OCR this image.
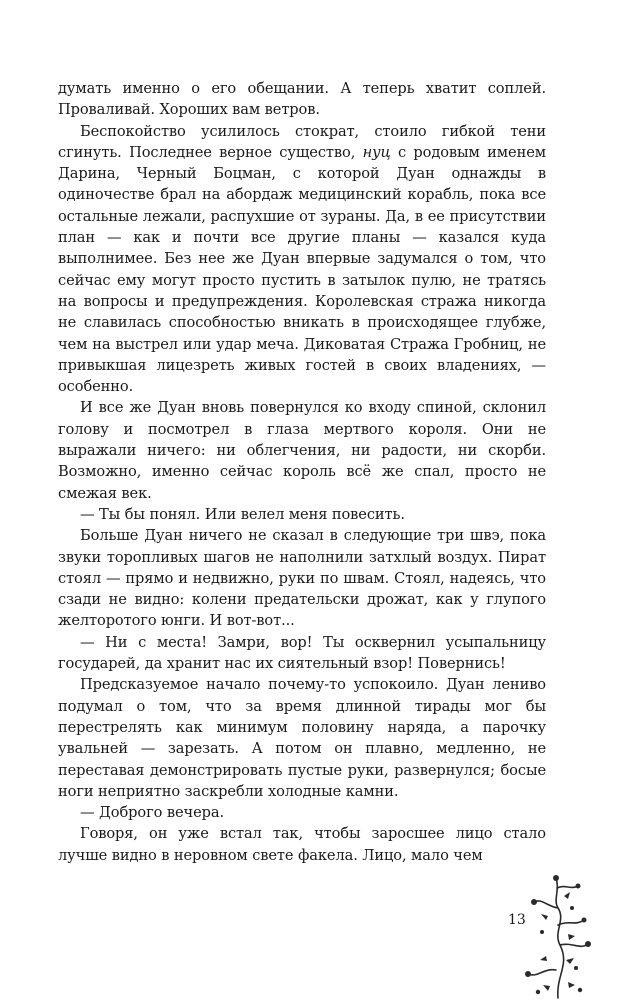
думать именно о его обещании. А теперь хватит соплей. Проваливай. Хороших вам ветров.

Беспокойство усилилось стократ, стоило гибкой тени сгинуть. Последнее верное существо, нуц с родовым именем Дарина, Черный Боцман, с которой Дуан однажды в одиночестве брал на абордаж медицинский корабль, пока все остальные лежали, распухшие от зураны. Да, в ее присутствии план — как и почти все другие планы — казался куда выполнимее. Без нее же Дуан впервые задумался о том, что сейчас ему могут просто пустить в затылок пулю, не тратясь на вопросы и предупреждения. Королевская стража никогда не славилась способностью вникать в происходящее глубже, чем на выстрел или удар меча. Диковатая Стража Гробниц, не привыкшая лицезреть живых гостей в своих владениях, — особенно.

И все же Дуан вновь повернулся ко входу спиной, склонил голову и посмотрел в глаза мертвого короля. Они не выражали ничего: ни облегчения, ни радости, ни скорби. Возможно, именно сейчас король всё же спал, просто не смежая век.

— Ты бы понял. Или велел меня повесить.

Больше Дуан ничего не сказал в следующие три швэ, пока звуки торопливых шагов не наполнили затхлый воздух. Пират стоял — прямо и недвижно, руки по швам. Стоял, надеясь, что сзади не видно: колени предательски дрожат, как у глупого желторотого юнги. И вот-вот...

— Ни с места! Замри, вор! Ты осквернил усыпальницу государей, да хранит нас их сиятельный взор! Повернись!

Предсказуемое начало почему-то успокоило. Дуан лениво подумал о том, что за время длинной тирады мог бы перестрелять как минимум половину наряда, а парочку увальней — зарезать. А потом он плавно, медленно, не переставая демонстрировать пустые руки, развернулся; босые ноги неприятно заскребли холодные камни.

— Доброго вечера.

Говоря, он уже встал так, чтобы заросшее лицо стало лучше видно в неровном свете факела. Лицо, мало чем

13
